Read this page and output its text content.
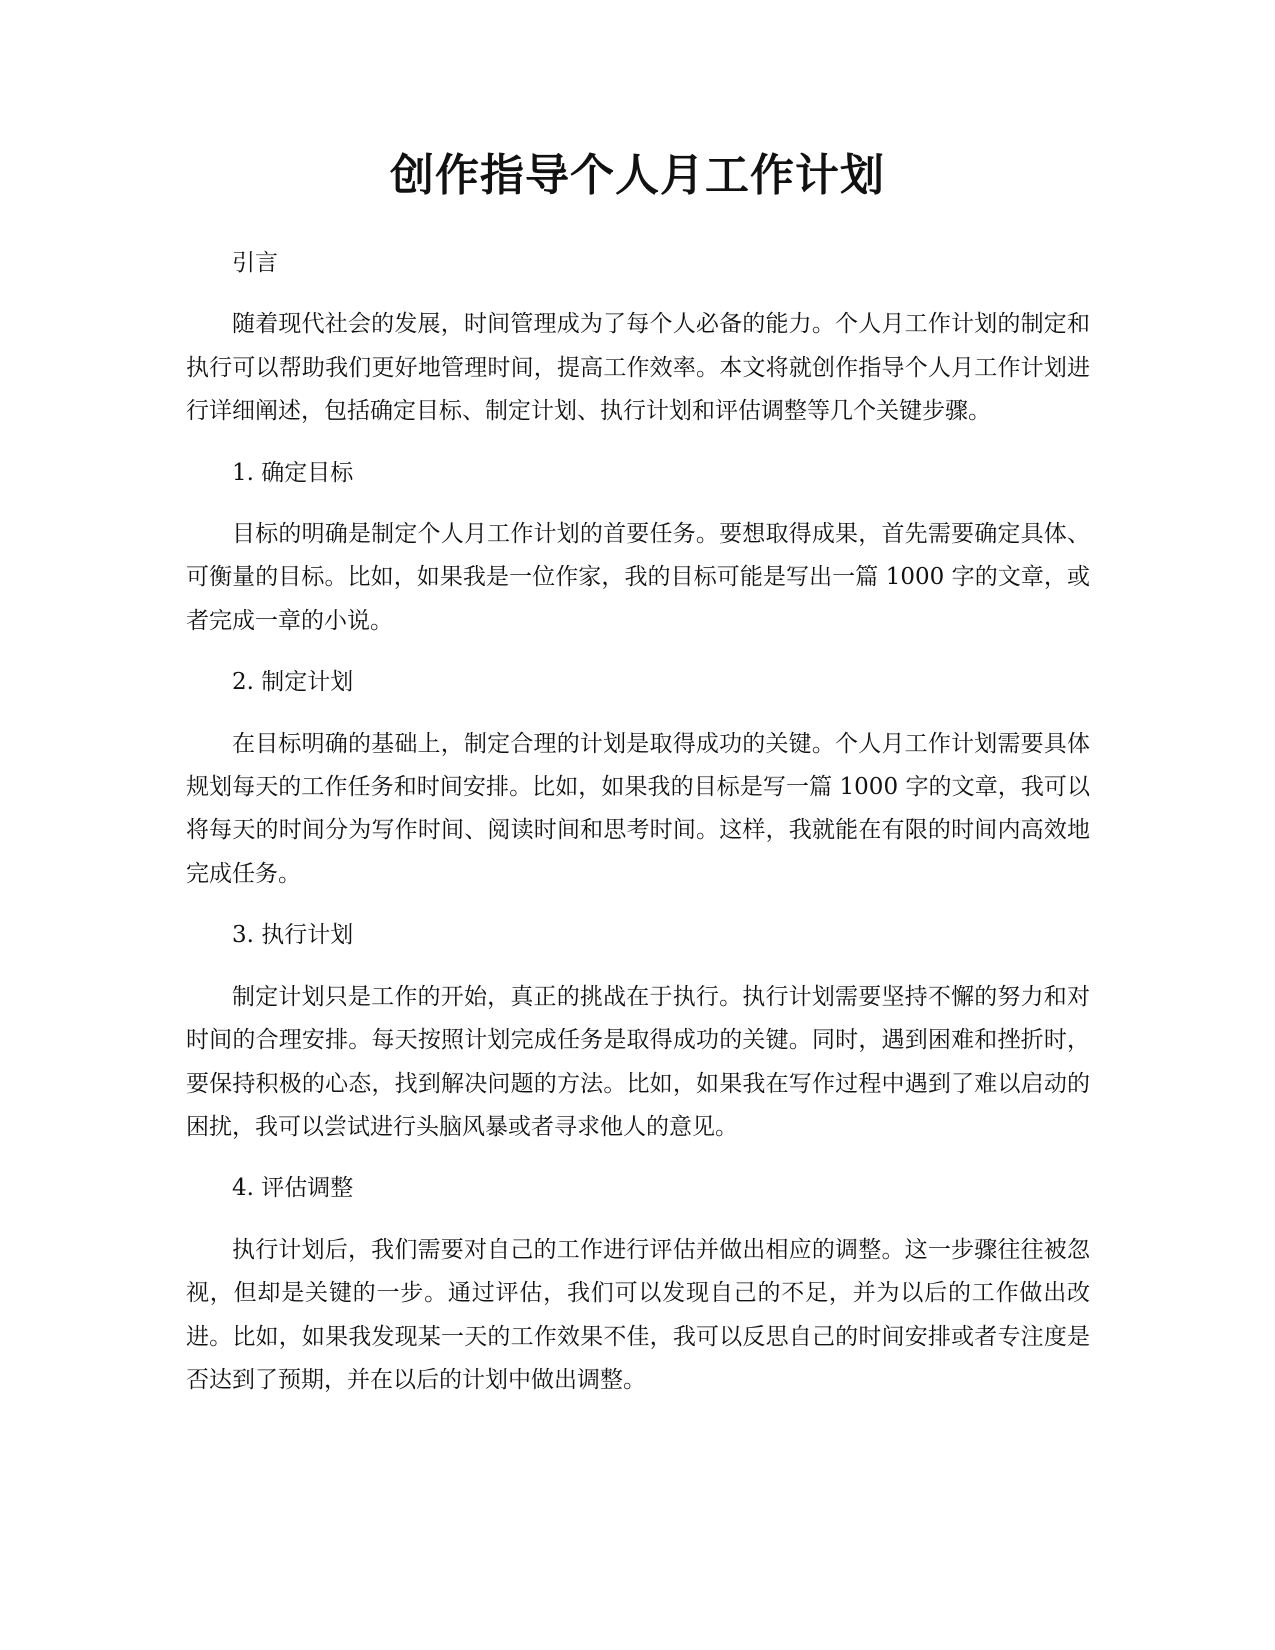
创作指导个人月工作计划
引言

随着现代社会的发展，时间管理成为了每个人必备的能力。个人月工作计划的制定和执行可以帮助我们更好地管理时间，提高工作效率。本文将就创作指导个人月工作计划进行详细阐述，包括确定目标、制定计划、执行计划和评估调整等几个关键步骤。

1. 确定目标

目标的明确是制定个人月工作计划的首要任务。要想取得成果，首先需要确定具体、可衡量的目标。比如，如果我是一位作家，我的目标可能是写出一篇 1000 字的文章，或者完成一章的小说。

2. 制定计划

在目标明确的基础上，制定合理的计划是取得成功的关键。个人月工作计划需要具体规划每天的工作任务和时间安排。比如，如果我的目标是写一篇 1000 字的文章，我可以将每天的时间分为写作时间、阅读时间和思考时间。这样，我就能在有限的时间内高效地完成任务。

3. 执行计划

制定计划只是工作的开始，真正的挑战在于执行。执行计划需要坚持不懈的努力和对时间的合理安排。每天按照计划完成任务是取得成功的关键。同时，遇到困难和挫折时，要保持积极的心态，找到解决问题的方法。比如，如果我在写作过程中遇到了难以启动的困扰，我可以尝试进行头脑风暴或者寻求他人的意见。

4. 评估调整

执行计划后，我们需要对自己的工作进行评估并做出相应的调整。这一步骤往往被忽视，但却是关键的一步。通过评估，我们可以发现自己的不足，并为以后的工作做出改进。比如，如果我发现某一天的工作效果不佳，我可以反思自己的时间安排或者专注度是否达到了预期，并在以后的计划中做出调整。
